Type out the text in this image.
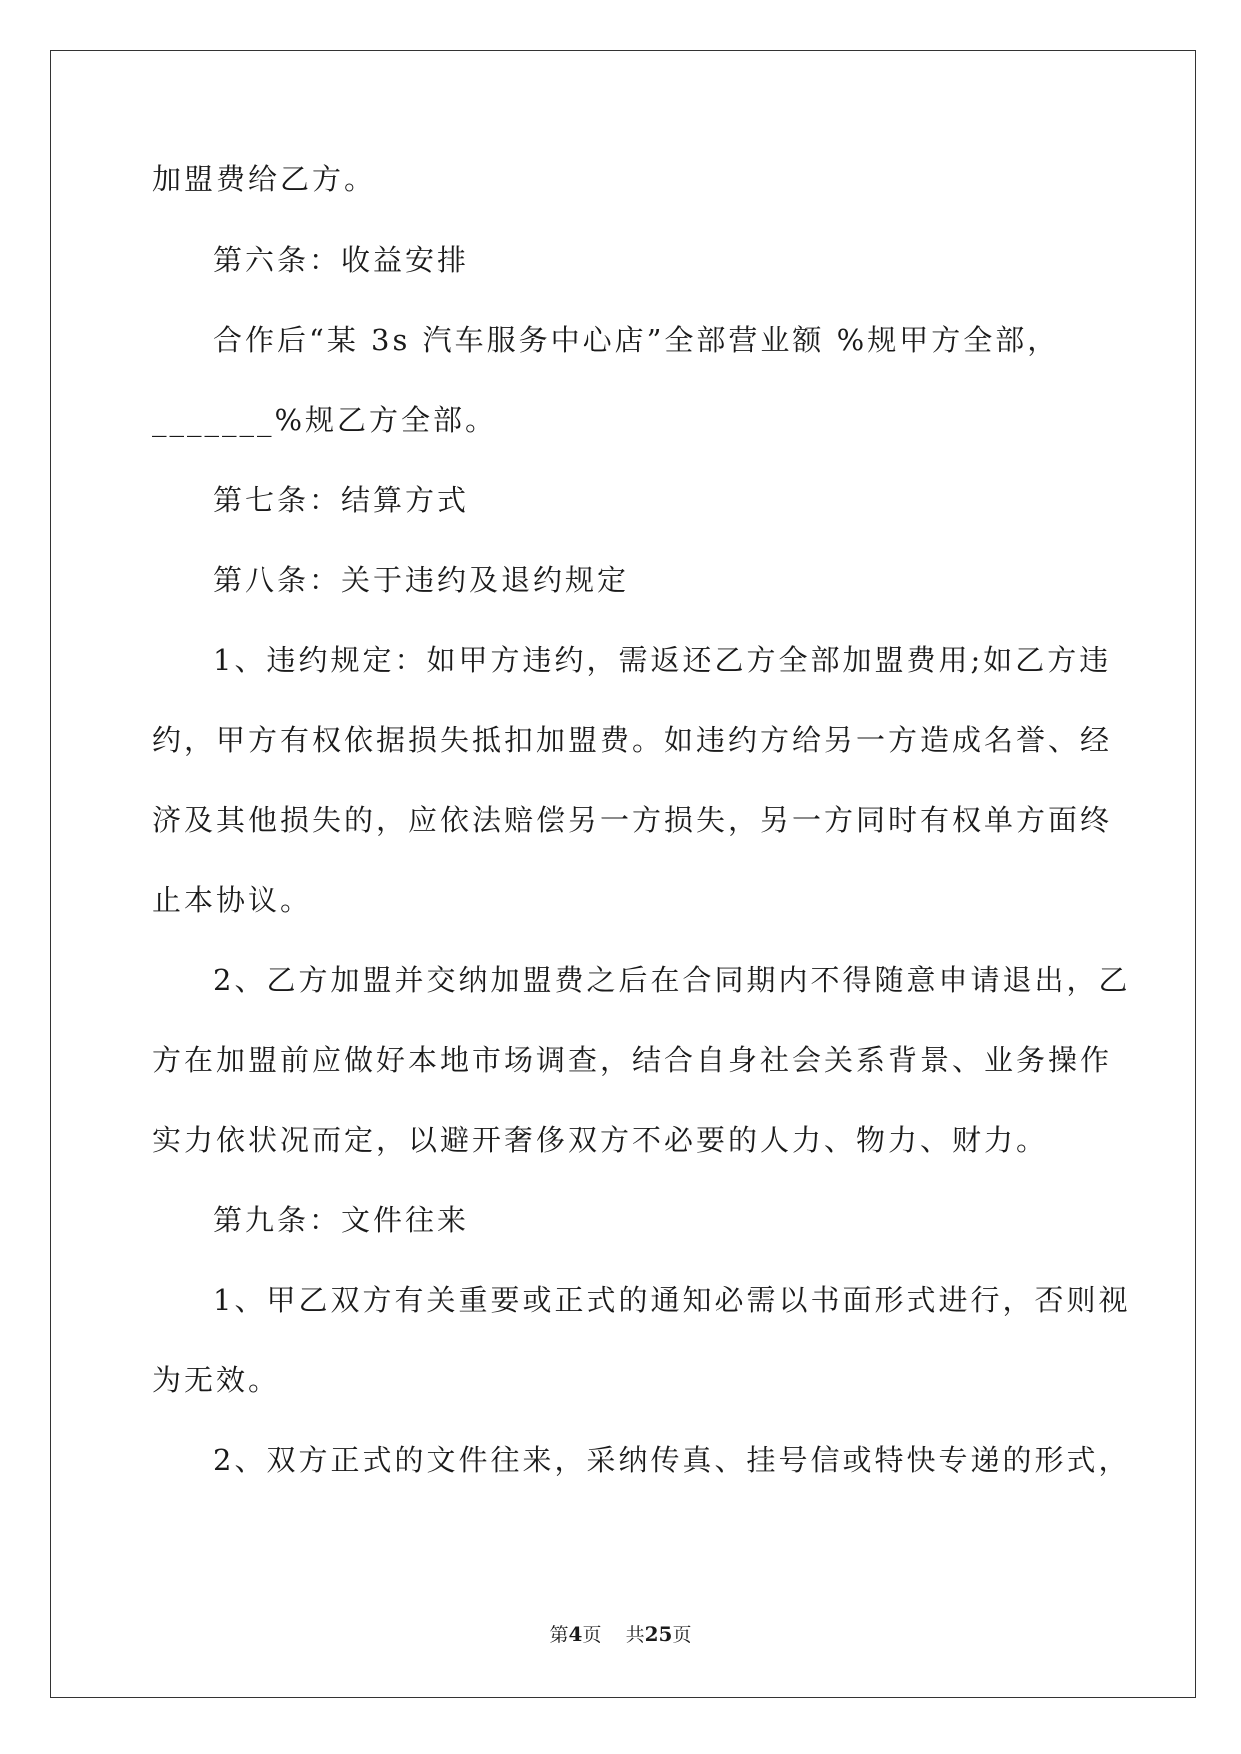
加盟费给乙方。
第六条：收益安排
合作后“某 3s 汽车服务中心店”全部营业额 %规甲方全部，
_______%规乙方全部。
第七条：结算方式
第八条：关于违约及退约规定
1、违约规定：如甲方违约，需返还乙方全部加盟费用;如乙方违
约，甲方有权依据损失抵扣加盟费。如违约方给另一方造成名誉、经
济及其他损失的，应依法赔偿另一方损失，另一方同时有权单方面终
止本协议。
2、乙方加盟并交纳加盟费之后在合同期内不得随意申请退出，乙
方在加盟前应做好本地市场调查，结合自身社会关系背景、业务操作
实力依状况而定，以避开奢侈双方不必要的人力、物力、财力。
第九条：文件往来
1、甲乙双方有关重要或正式的通知必需以书面形式进行，否则视
为无效。
2、双方正式的文件往来，采纳传真、挂号信或特快专递的形式，
第4页 共25页
